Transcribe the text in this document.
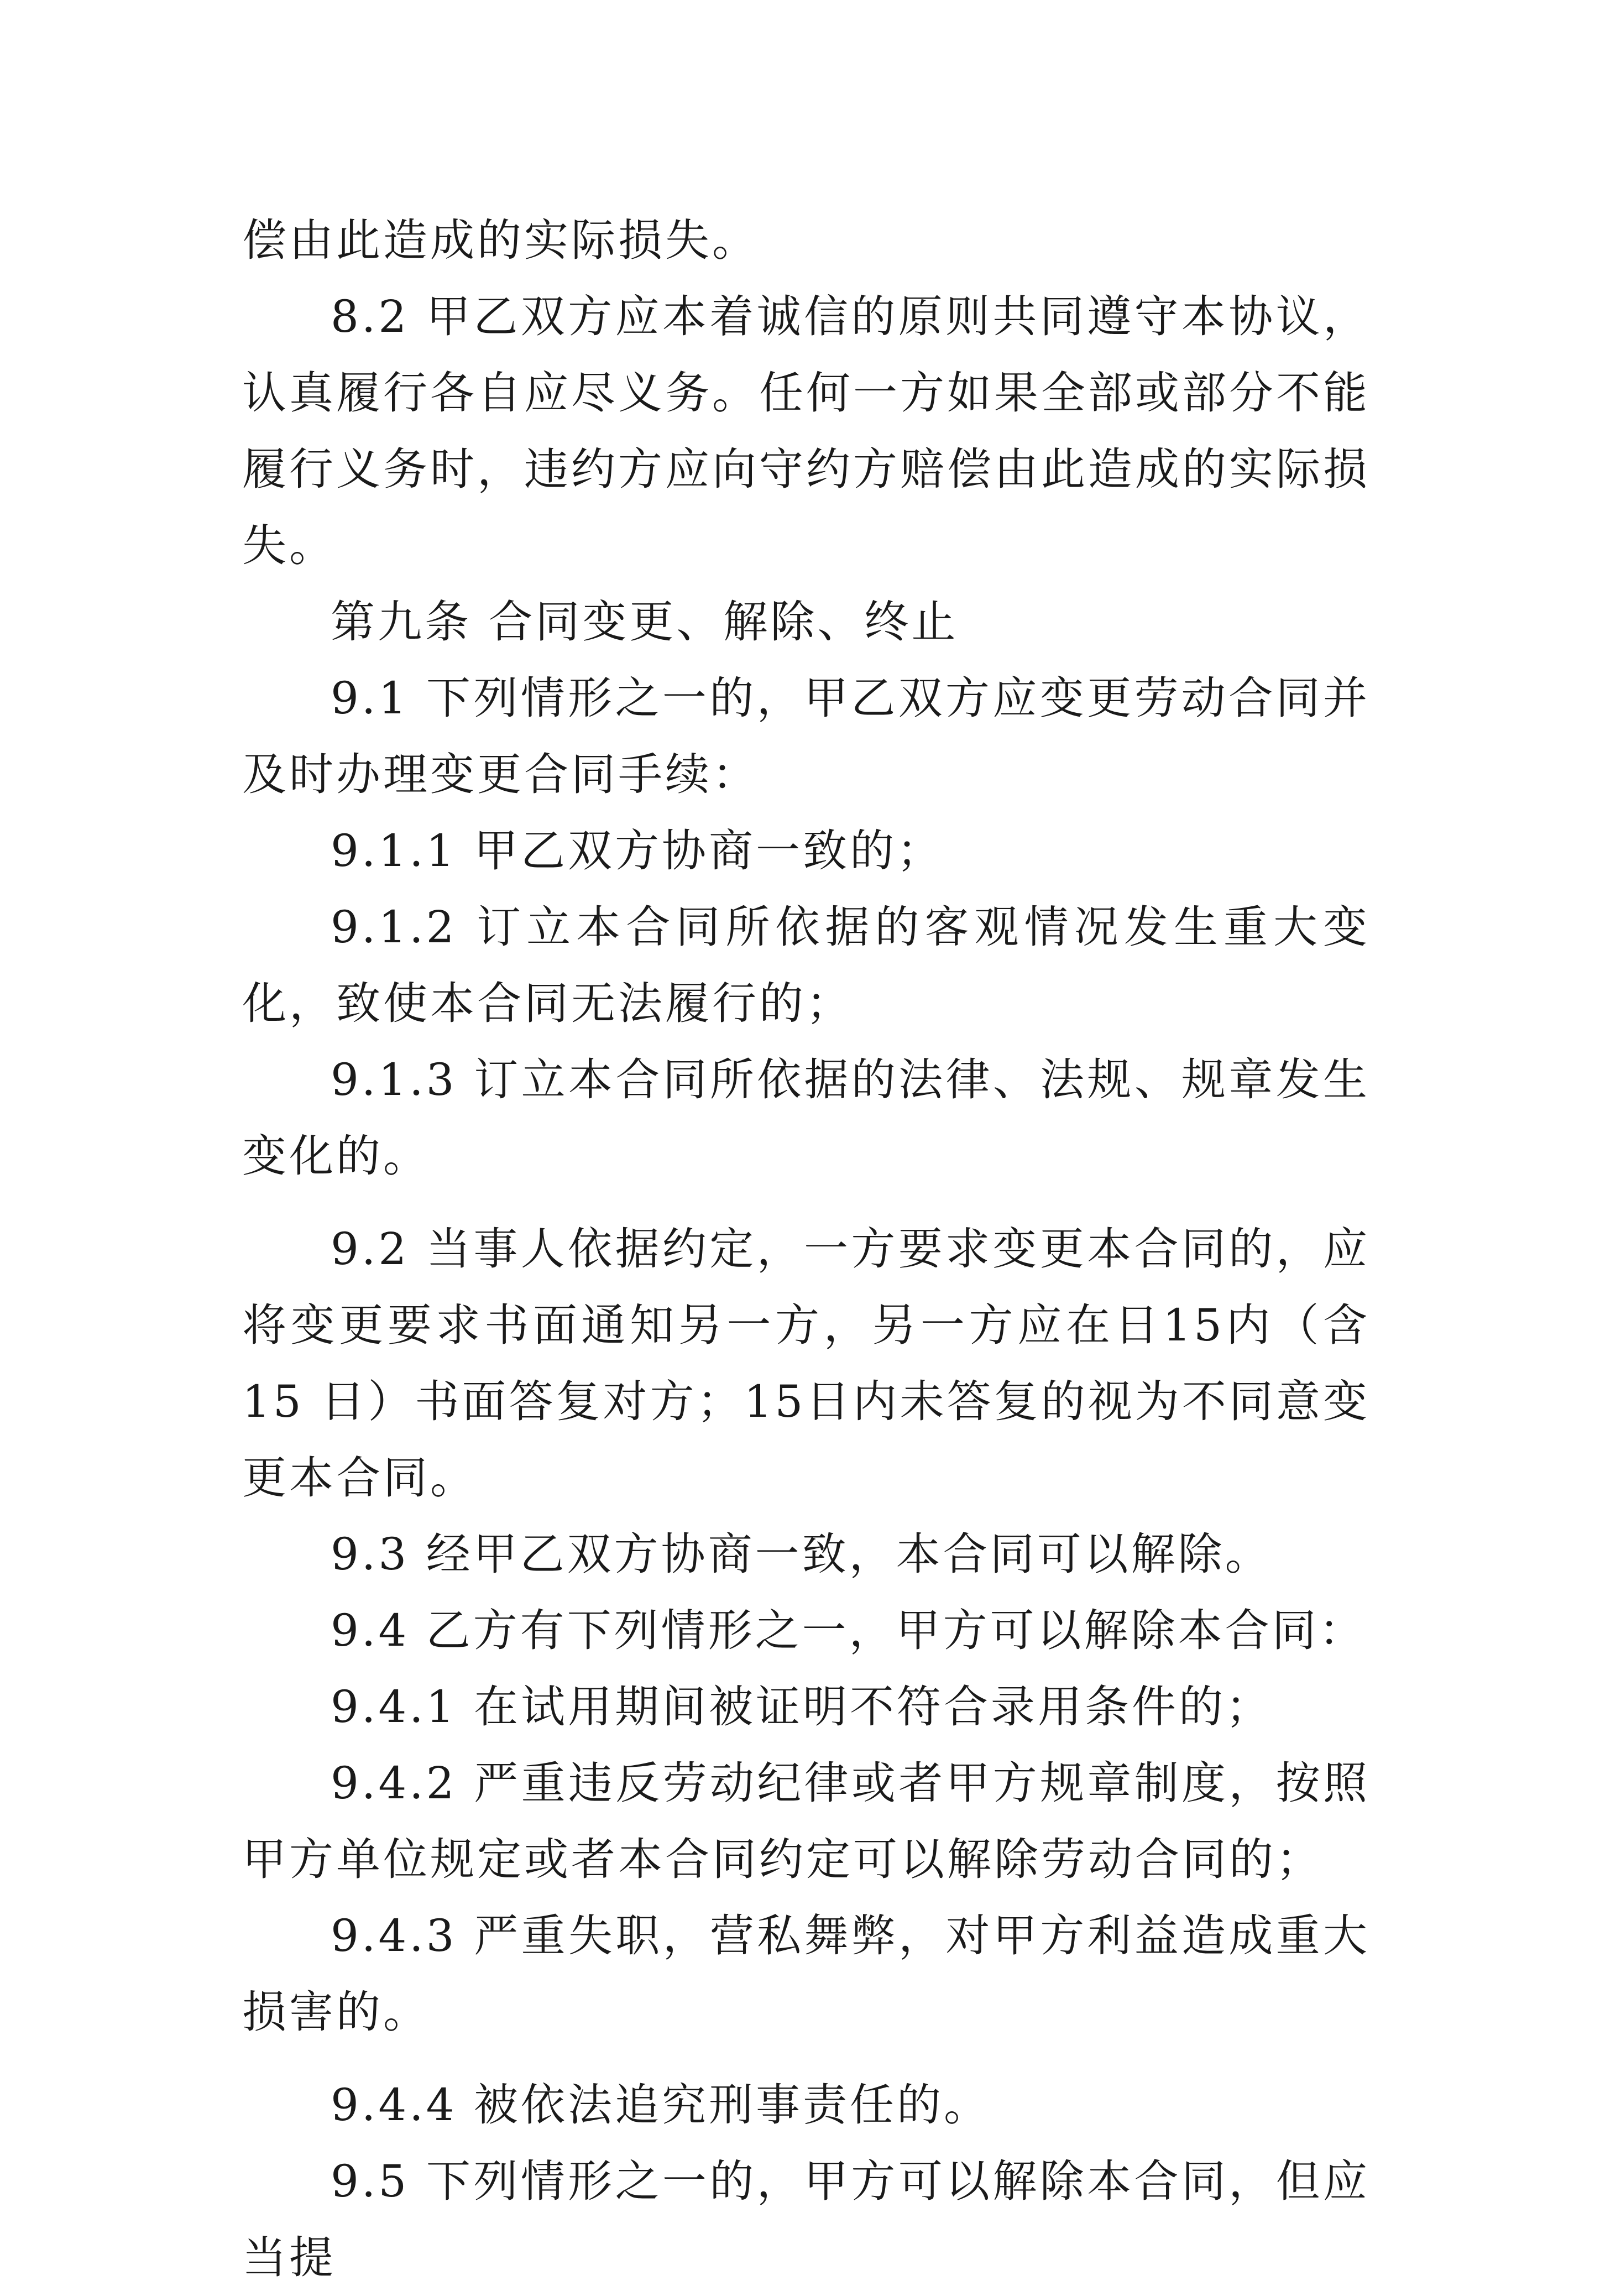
偿由此造成的实际损失。

8.2 甲乙双方应本着诚信的原则共同遵守本协议，认真履行各自应尽义务。任何一方如果全部或部分不能履行义务时，违约方应向守约方赔偿由此造成的实际损失。

第九条 合同变更、解除、终止

9.1 下列情形之一的，甲乙双方应变更劳动合同并及时办理变更合同手续：

9.1.1 甲乙双方协商一致的；

9.1.2 订立本合同所依据的客观情况发生重大变化，致使本合同无法履行的；

9.1.3 订立本合同所依据的法律、法规、规章发生变化的。

9.2 当事人依据约定，一方要求变更本合同的，应将变更要求书面通知另一方，另一方应在日15内（含15 日）书面答复对方；15日内未答复的视为不同意变更本合同。

9.3 经甲乙双方协商一致，本合同可以解除。

9.4 乙方有下列情形之一，甲方可以解除本合同：

9.4.1 在试用期间被证明不符合录用条件的；

9.4.2 严重违反劳动纪律或者甲方规章制度，按照甲方单位规定或者本合同约定可以解除劳动合同的；

9.4.3 严重失职，营私舞弊，对甲方利益造成重大损害的。

9.4.4 被依法追究刑事责任的。

9.5 下列情形之一的，甲方可以解除本合同，但应当提
